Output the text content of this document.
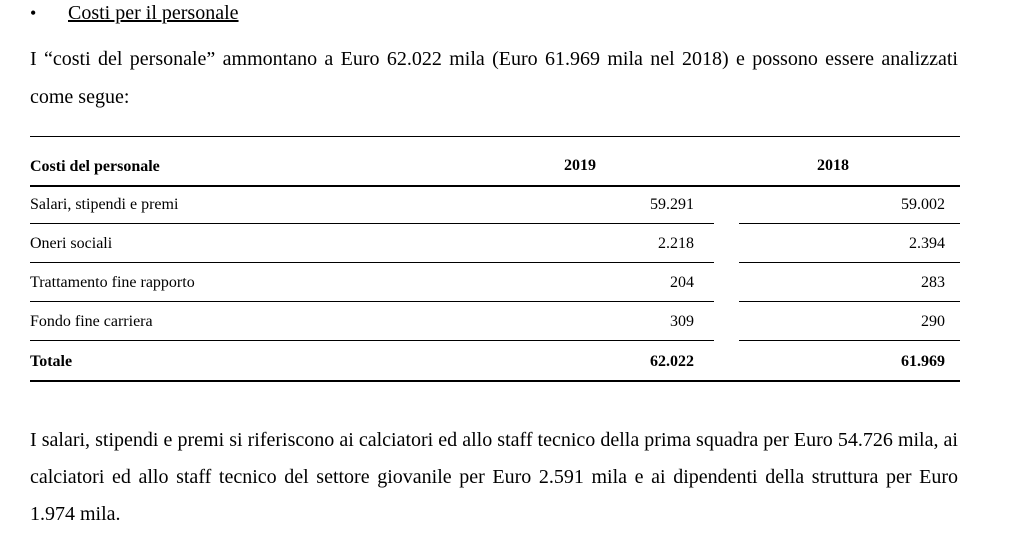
• Costi per il personale
I “costi del personale” ammontano a Euro 62.022 mila (Euro 61.969 mila nel 2018) e possono essere analizzati come segue:
Costi del personale	2019	2018
Salari, stipendi e premi	59.291	59.002
Oneri sociali	2.218	2.394
Trattamento fine rapporto	204	283
Fondo fine carriera	309	290
Totale	62.022	61.969
I salari, stipendi e premi si riferiscono ai calciatori ed allo staff tecnico della prima squadra per Euro 54.726 mila, ai calciatori ed allo staff tecnico del settore giovanile per Euro 2.591 mila e ai dipendenti della struttura per Euro 1.974 mila.
